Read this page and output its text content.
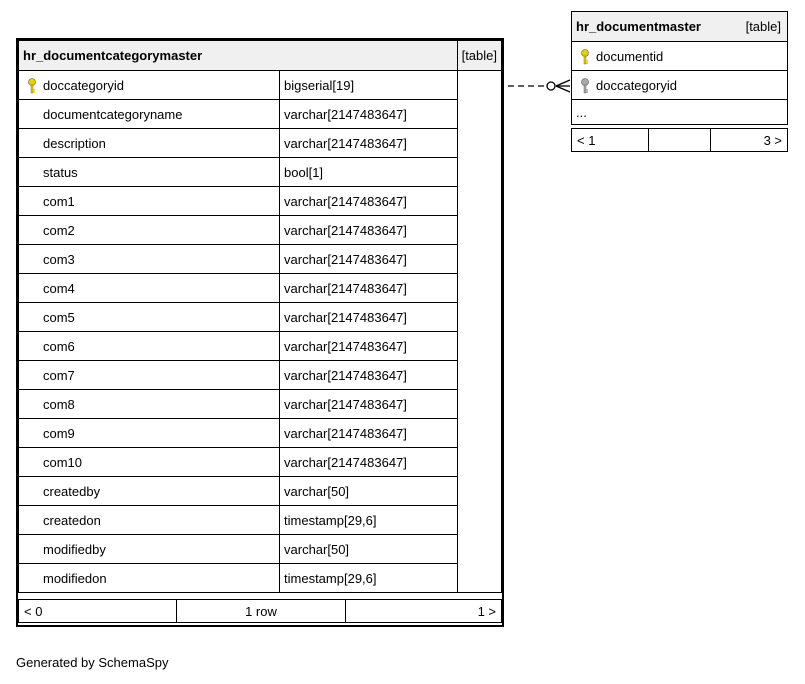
hr_documentcategorymaster		[table]

doccategoryid	bigserial[19]	
documentcategoryname	varchar[2147483647]	
description	varchar[2147483647]	
status	bool[1]	
com1	varchar[2147483647]	
com2	varchar[2147483647]	
com3	varchar[2147483647]	
com4	varchar[2147483647]	
com5	varchar[2147483647]	
com6	varchar[2147483647]	
com7	varchar[2147483647]	
com8	varchar[2147483647]	
com9	varchar[2147483647]	
com10	varchar[2147483647]	
createdby	varchar[50]	
createdon	timestamp[29,6]	
modifiedby	varchar[50]	
modifiedon	timestamp[29,6]	
< 0	1 row	1 >
hr_documentmaster	[table]

documentid

doccategoryid
...
< 1		3 >
Generated by SchemaSpy
